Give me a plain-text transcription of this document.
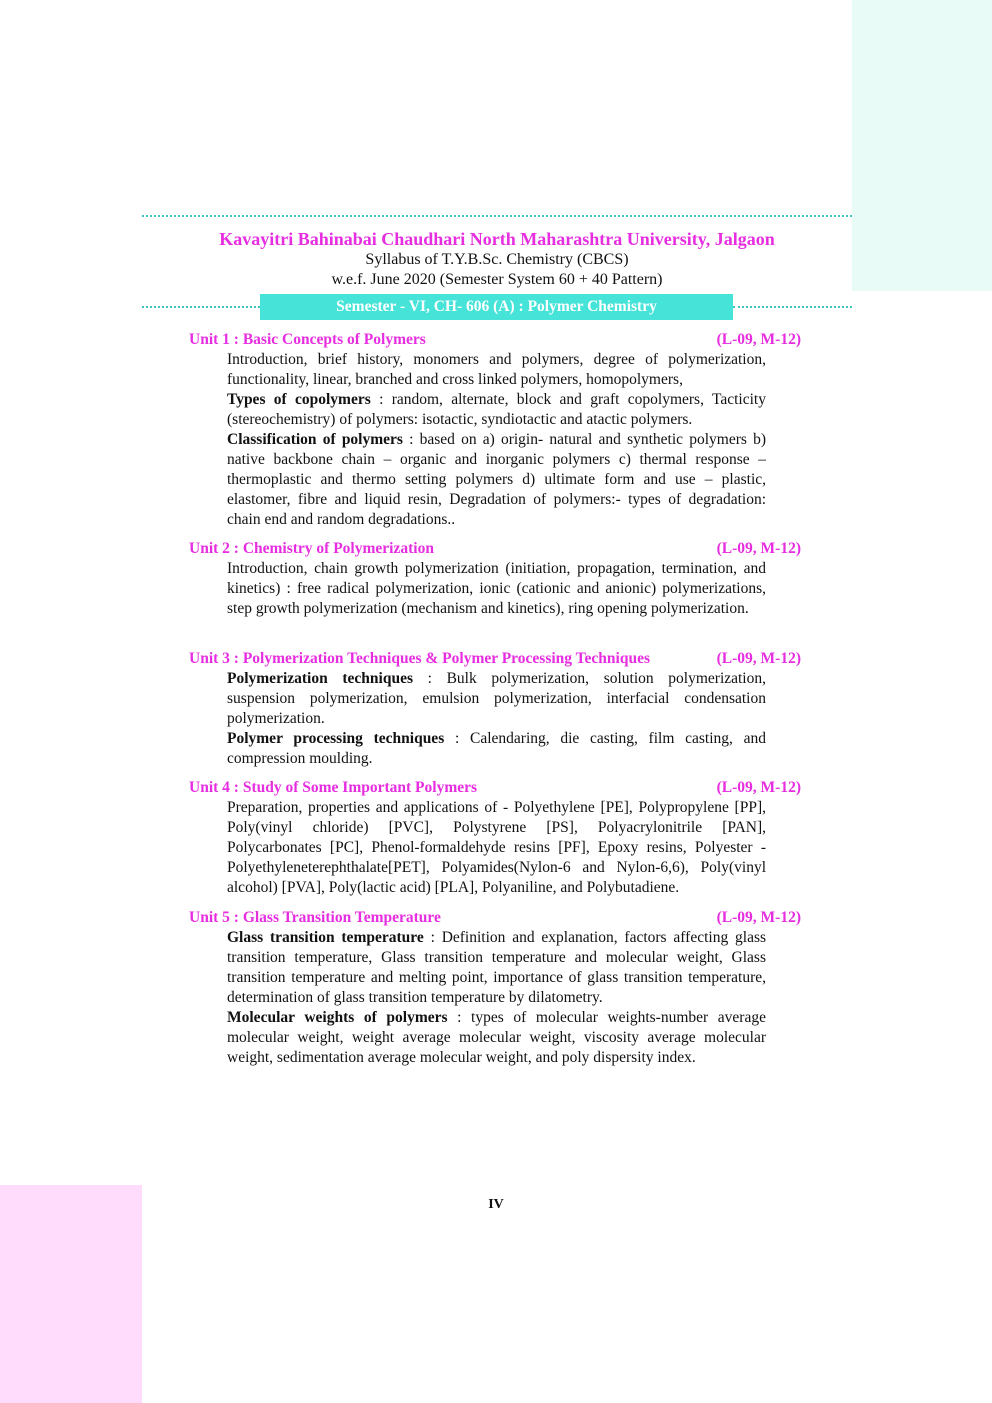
Kavayitri Bahinabai Chaudhari North Maharashtra University, Jalgaon
Syllabus of T.Y.B.Sc. Chemistry (CBCS)
w.e.f. June 2020 (Semester System 60 + 40 Pattern)
Semester - VI, CH- 606 (A) : Polymer Chemistry
Unit 1 : Basic Concepts of Polymers	(L-09, M-12)

Introduction, brief history, monomers and polymers, degree of polymerization, functionality, linear, branched and cross linked polymers, homopolymers,

Types of copolymers : random, alternate, block and graft copolymers, Tacticity (stereochemistry) of polymers: isotactic, syndiotactic and atactic polymers.

Classification of polymers : based on a) origin- natural and synthetic polymers b) native backbone chain – organic and inorganic polymers c) thermal response – thermoplastic and thermo setting polymers d) ultimate form and use – plastic, elastomer, fibre and liquid resin, Degradation of polymers:- types of degradation: chain end and random degradations..

Unit 2 : Chemistry of Polymerization	(L-09, M-12)

Introduction, chain growth polymerization (initiation, propagation, termination, and kinetics) : free radical polymerization, ionic (cationic and anionic) polymerizations, step growth polymerization (mechanism and kinetics), ring opening polymerization.

Unit 3 : Polymerization Techniques & Polymer Processing Techniques	(L-09, M-12)

Polymerization techniques : Bulk polymerization, solution polymerization, suspension polymerization, emulsion polymerization, interfacial condensation polymerization.

Polymer processing techniques : Calendaring, die casting, film casting, and compression moulding.

Unit 4 : Study of Some Important Polymers	(L-09, M-12)

Preparation, properties and applications of - Polyethylene [PE], Polypropylene [PP], Poly(vinyl chloride) [PVC], Polystyrene [PS], Polyacrylonitrile [PAN], Polycarbonates [PC], Phenol-formaldehyde resins [PF], Epoxy resins, Polyester - Polyethyleneterephthalate[PET], Polyamides(Nylon-6 and Nylon-6,6), Poly(vinyl alcohol) [PVA], Poly(lactic acid) [PLA], Polyaniline, and Polybutadiene.

Unit 5 : Glass Transition Temperature	(L-09, M-12)

Glass transition temperature : Definition and explanation, factors affecting glass transition temperature, Glass transition temperature and molecular weight, Glass transition temperature and melting point, importance of glass transition temperature, determination of glass transition temperature by dilatometry.

Molecular weights of polymers : types of molecular weights-number average molecular weight, weight average molecular weight, viscosity average molecular weight, sedimentation average molecular weight, and poly dispersity index.

IV
